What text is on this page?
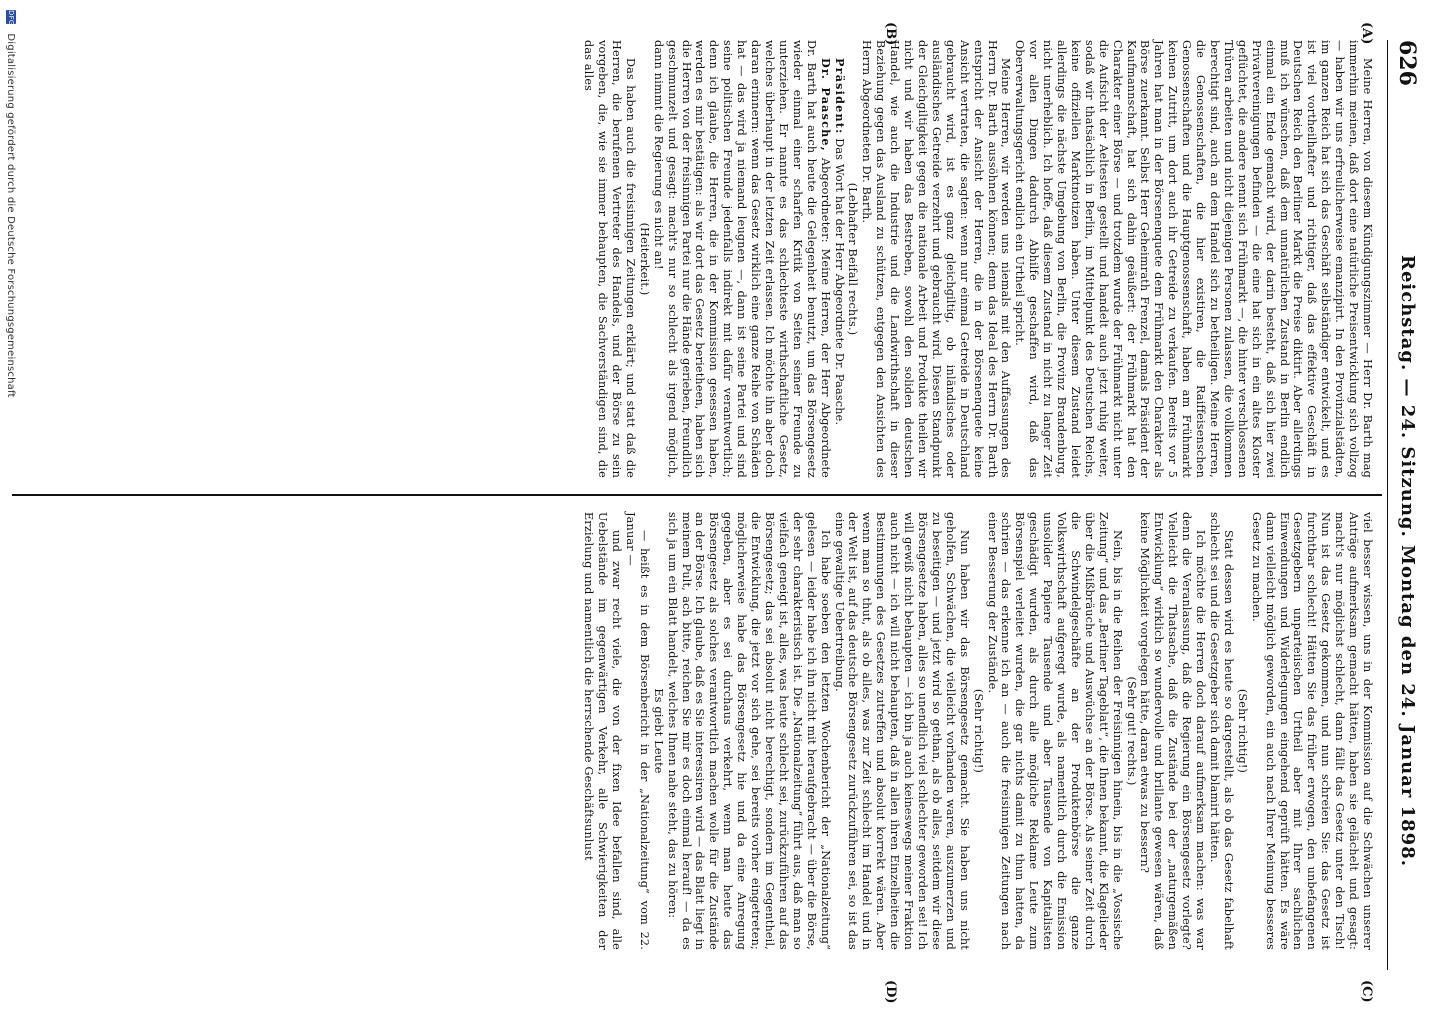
626
Reichstag. — 24. Sitzung. Montag den 24. Januar 1898.
(A)
(B)
(C)
(D)

Meine Herren, von diesem Kündigungszimmer — Herr Dr. Barth mag immerhin meinen, daß dort eine natürliche Preisentwicklung sich vollzog — haben wir uns erfreulicherweise emanzipirt. In den Provinzialstädten, im ganzen Reich hat sich das Geschäft selbständiger entwickelt, und es ist viel vortheilhafter und richtiger, daß das effektive Geschäft in Deutschen Reich den Berliner Markt die Preise diktirt. Aber allerdings muß ich wünschen, daß dem unnatürlichen Zustand in Berlin endlich einmal ein Ende gemacht wird, der darin besteht, daß sich hier zwei Privatvereinigungen befinden — die eine hat sich in ein altes Kloster geflüchtet, die andere nennt sich Frühmarkt —, die hinter verschlossenen Thüren arbeiten und nicht diejenigen Personen zulassen, die vollkommen berechtigt sind, auch an dem Handel sich zu betheiligen. Meine Herren, die Genossenschaften, die hier existiren, die Raiffeisenschen Genossenschaften und die Hauptgenossenschaft, haben am Frühmarkt keinen Zutritt, um dort auch ihr Getreide zu verkaufen. Bereits vor 5 Jahren hat man in der Börsenenquete dem Frühmarkt den Charakter als Börse zuerkannt. Selbst Herr Geheimrath Frenzel, damals Präsident der Kaufmannschaft, hat sich dahin geäußert: der Frühmarkt hat den Charakter einer Börse — und trotzdem wurde der Frühmarkt nicht unter die Aufsicht der Aeltesten gestellt und handelt auch jetzt ruhig weiter, sodaß wir thatsächlich in Berlin, im Mittelpunkt des Deutschen Reichs, keine offiziellen Marktnotizen haben. Unter diesem Zustand leidet allerdings die nächste Umgebung von Berlin, die Provinz Brandenburg, nicht unerheblich. Ich hoffe, daß diesem Zustand in nicht zu langer Zeit vor allen Dingen dadurch Abhilfe geschaffen wird, daß das Oberverwaltungsgericht endlich ein Urtheil spricht.

Meine Herren, wir werden uns niemals mit den Auffassungen des Herrn Dr. Barth aussöhnen können; denn das Ideal des Herrn Dr. Barth entspricht der Ansicht der Herren, die in der Börsenenquete keine Ansicht vertraten, die sagten: wenn nur einmal Getreide in Deutschland gebraucht wird, ist es ganz gleichgiltig, ob inländisches oder ausländisches Getreide verzehrt und gebraucht wird. Diesen Standpunkt der Gleichgiltigkeit gegen die nationale Arbeit und Produkte theilen wir nicht und wir haben das Bestreben, sowohl den soliden deutschen Handel, wie auch die Industrie und die Landwirthschaft in dieser Beziehung gegen das Ausland zu schützen, entgegen den Ansichten des Herrn Abgeordneten Dr. Barth.

(Lebhafter Beifall rechts.)

Präsident: Das Wort hat der Herr Abgeordnete Dr. Paasche.

Dr. Paasche, Abgeordneter: Meine Herren, der Herr Abgeordnete Dr. Barth hat auch heute die Gelegenheit benutzt, um das Börsengesetz wieder einmal einer scharfen Kritik von Seiten seiner Freunde zu unterziehen. Er nannte es das schlechteste wirthschaftliche Gesetz, welches überhaupt in der letzten Zeit erlassen. Ich möchte ihn aber doch daran erinnern: wenn das Gesetz wirklich eine ganze Reihe von Schäden hat — das wird ja niemand leugnen —, dann ist seine Partei und sind seine politischen Freunde jedenfalls indirekt mit dafür verantwortlich; denn ich glaube, die Herren, die in der Kommission gesessen haben, werden es mir bestätigen: als wir dort das Gesetz berietheen, haben sich die Herren von der freisinnigen Partei nur die Hände gerieben, freundlich geschmunzelt und gesagt: macht's nur so schlecht als irgend möglich, dann nimmt die Regierung es nicht an!

(Heiterkeit.)

Das haben auch die freisinnigen Zeitungen erklärt; und statt daß die Herren, die berufenen Vertreter des Handels, und der Börse zu sein vorgeben, die, wie sie immer behaupten, die Sachverständigen sind, die das alles

viel besser wissen, uns in der Kommission auf die Schwächen unserer Anträge aufmerksam gemacht hätten, haben sie gelächelt und gesagt: macht's nur möglichst schlecht, dann fällt das Gesetz unter den Tisch! Nun ist das Gesetz gekommen, und nun schreien Sie: das Gesetz ist furchtbar schlecht! Hätten Sie das früher erwogen, den unbefangenen Gesetzgebern unparteiischen Urtheil aber mit Ihrer sachlichen Einwendungen und Widerlegungen eingehend geprüft hätten. Es wäre dann vielleicht möglich geworden, ein auch nach Ihrer Meinung besseres Gesetz zu machen.

(Sehr richtig!)

Statt dessen wird es heute so dargestellt, als ob das Gesetz fabelhaft schlecht sei und die Gesetzgeber sich damit blamirt hätten.

Ich möchte die Herren doch darauf aufmerksam machen: was war denn die Veranlassung, daß die Regierung ein Börsengesetz vorlegte? Vielleicht die Thatsache, daß die Zustände bei der „naturgemäßen Entwicklung“ wirklich so wundervolle und brillante gewesen wären, daß keine Möglichkeit vorgelegen hätte, daran etwas zu bessern?

(Sehr gut! rechts.)

Nein, bis in die Reihen der Freisinnigen hinein, bis in die „Vossische Zeitung“ und das „Berliner Tageblatt“, die Ihnen bekannt, die Klagelieder über die Mißbräuche und Auswüchse an der Börse. Als seiner Zeit durch die Schwindelgeschäfte an der Produktenbörse die ganze Volkswirthschaft aufgeregt wurde, als namentlich durch die Emission unsolider Papiere Tausende und aber Tausende von Kapitalisten geschädigt wurden, als durch alle mögliche Reklame Leute zum Börsenspiel verleitet wurden, die gar nichts damit zu thun hatten, da schrien — das erkenne ich an — auch die freisinnigen Zeitungen nach einer Besserung der Zustände.

(Sehr richtig!)

Nun haben wir das Börsengesetz gemacht. Sie haben uns nicht geholfen, Schwächen, die vielleicht vorhanden waren, auszumerzen und zu beseitigen — und jetzt wird so gethan, als ob alles, seitdem wir diese Börsengesetze haben, alles so unendlich viel schlechter geworden sei! Ich will gewiß nicht behaupten — ich bin ja auch keineswegs meiner Fraktion auch nicht — ich will nicht behaupten, daß in allen ihren Einzelheiten die Bestimmungen des Gesetzes zutreffen und absolut korrekt wären. Aber wenn man so thut, als ob alles, was zur Zeit schlecht im Handel und in der Welt ist, auf das deutsche Börsengesetz zurückzuführen sei, so ist das eine gewaltige Uebertreibung.

Ich habe soeben den letzten Wochenbericht der „Nationalzeitung“ gelesen — leider habe ich ihn nicht mit heraufgebracht — über die Börse, der sehr charakteristisch ist. Die „Nationalzeitung“ führt aus, daß man so vielfach geneigt ist, alles, was heute schlecht sei, zurückzuführen auf das Börsengesetz; das sei absolut nicht berechtigt, sondern im Gegentheil, die Entwicklung, die jetzt vor sich gehe, sei bereits vorher eingetreten; möglicherweise habe das Börsengesetz hie und da eine Anregung gegeben, aber es sei durchaus verkehrt, wenn man heute das Börsengesetz als solches verantwortlich machen wolle für die Zustände an der Börse. Ich glaube, daß es Sie interessiren wird — das Blatt liegt in meinem Pult, ach bitte, reichen Sie mir es doch einmal herauf! — da es sich ja um ein Blatt handelt, welches Ihnen nahe steht, das zu hören:

Es giebt Leute

— heißt es in dem Börsenbericht in der „Nationalzeitung“ vom 22. Januar —

und zwar recht viele, die von der fixen Idee befallen sind, alle Uebelstände im gegenwärtigen Verkehr, alle Schwierigkeiten der Erzielung und namentlich die herrschende Geschäftsunlust

DFG Digitalisierung gefördert durch die Deutsche Forschungsgemeinschaft
